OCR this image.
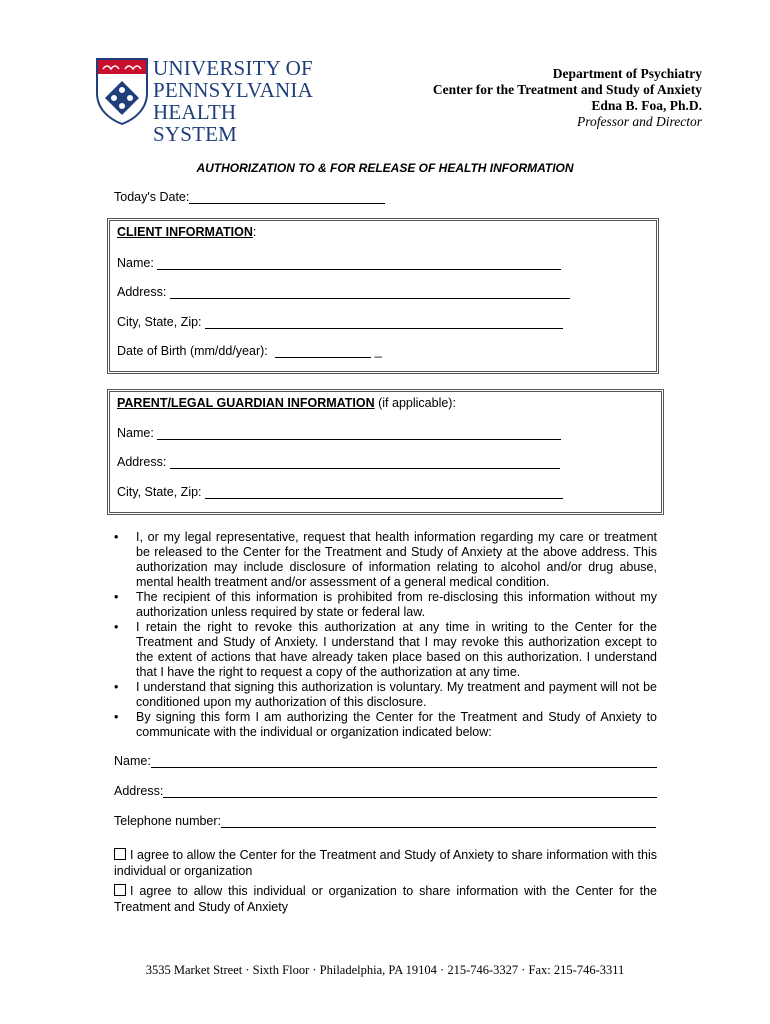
UNIVERSITY OF
PENNSYLVANIA
HEALTH SYSTEM
Department of Psychiatry
Center for the Treatment and Study of Anxiety
Edna B. Foa, Ph.D.
Professor and Director
AUTHORIZATION TO & FOR RELEASE OF HEALTH INFORMATION
Today's Date:
CLIENT INFORMATION:
Name:
Address:
City, State, Zip:
Date of Birth (mm/dd/year):	_
PARENT/LEGAL GUARDIAN INFORMATION (if applicable):
Name:
Address:
City, State, Zip:
• I, or my legal representative, request that health information regarding my care or treatment be released to the Center for the Treatment and Study of Anxiety at the above address. This authorization may include disclosure of information relating to alcohol and/or drug abuse, mental health treatment and/or assessment of a general medical condition.
• The recipient of this information is prohibited from re-disclosing this information without my authorization unless required by state or federal law.
• I retain the right to revoke this authorization at any time in writing to the Center for the Treatment and Study of Anxiety. I understand that I may revoke this authorization except to the extent of actions that have already taken place based on this authorization. I understand that I have the right to request a copy of the authorization at any time.
• I understand that signing this authorization is voluntary. My treatment and payment will not be conditioned upon my authorization of this disclosure.
• By signing this form I am authorizing the Center for the Treatment and Study of Anxiety to communicate with the individual or organization indicated below:
Name:
Address:
Telephone number:
I agree to allow the Center for the Treatment and Study of Anxiety to share information with this individual or organization
I agree to allow this individual or organization to share information with the Center for the Treatment and Study of Anxiety
3535 Market Street · Sixth Floor · Philadelphia, PA 19104 · 215-746-3327 · Fax: 215-746-3311
